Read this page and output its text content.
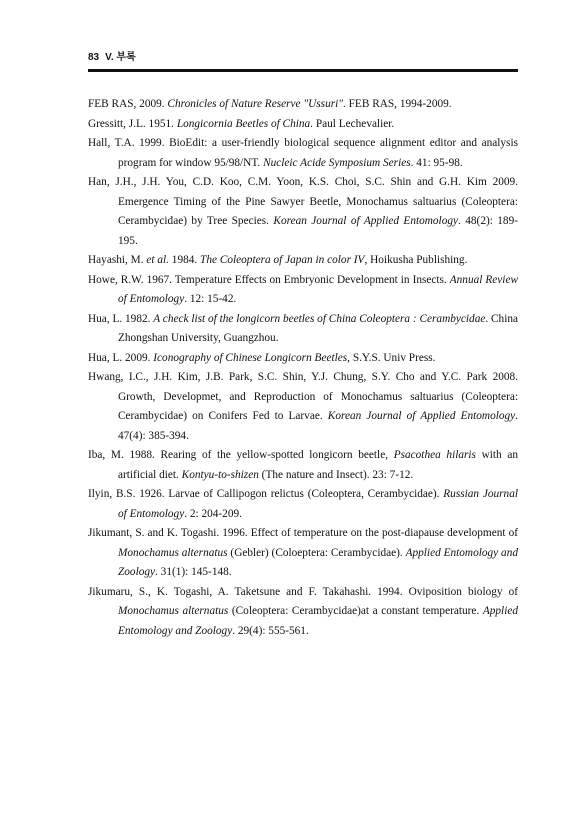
83 V. 부록

FEB RAS, 2009. Chronicles of Nature Reserve "Ussuri". FEB RAS, 1994-2009.

Gressitt, J.L. 1951. Longicornia Beetles of China. Paul Lechevalier.

Hall, T.A. 1999. BioEdit: a user-friendly biological sequence alignment editor and analysis program for window 95/98/NT. Nucleic Acide Symposium Series. 41: 95-98.

Han, J.H., J.H. You, C.D. Koo, C.M. Yoon, K.S. Choi, S.C. Shin and G.H. Kim 2009. Emergence Timing of the Pine Sawyer Beetle, Monochamus saltuarius (Coleoptera: Cerambycidae) by Tree Species. Korean Journal of Applied Entomology. 48(2): 189-195.

Hayashi, M. et al. 1984. The Coleoptera of Japan in color IV, Hoikusha Publishing.

Howe, R.W. 1967. Temperature Effects on Embryonic Development in Insects. Annual Review of Entomology. 12: 15-42.

Hua, L. 1982. A check list of the longicorn beetles of China Coleoptera : Cerambycidae. China Zhongshan University, Guangzhou.

Hua, L. 2009. Iconography of Chinese Longicorn Beetles, S.Y.S. Univ Press.

Hwang, I.C., J.H. Kim, J.B. Park, S.C. Shin, Y.J. Chung, S.Y. Cho and Y.C. Park 2008. Growth, Developmet, and Reproduction of Monochamus saltuarius (Coleoptera: Cerambycidae) on Conifers Fed to Larvae. Korean Journal of Applied Entomology. 47(4): 385-394.

Iba, M. 1988. Rearing of the yellow-spotted longicorn beetle, Psacothea hilaris with an artificial diet. Kontyu-to-shizen (The nature and Insect). 23: 7-12.

Ilyin, B.S. 1926. Larvae of Callipogon relictus (Coleoptera, Cerambycidae). Russian Journal of Entomology. 2: 204-209.

Jikumant, S. and K. Togashi. 1996. Effect of temperature on the post-diapause development of Monochamus alternatus (Gebler) (Coloeptera: Cerambycidae). Applied Entomology and Zoology. 31(1): 145-148.

Jikumaru, S., K. Togashi, A. Taketsune and F. Takahashi. 1994. Oviposition biology of Monochamus alternatus (Coleoptera: Cerambycidae)at a constant temperature. Applied Entomology and Zoology. 29(4): 555-561.
